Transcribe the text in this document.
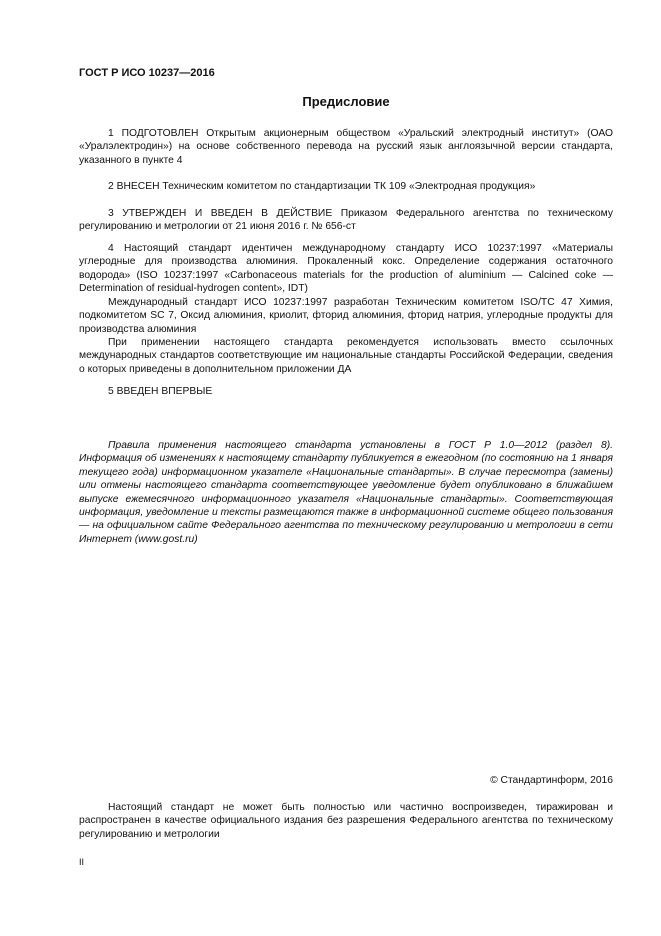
ГОСТ Р ИСО 10237—2016
Предисловие

1 ПОДГОТОВЛЕН Открытым акционерным обществом «Уральский электродный институт» (ОАО «Уралэлектродин») на основе собственного перевода на русский язык англоязычной версии стандарта, указанного в пункте 4

2 ВНЕСЕН Техническим комитетом по стандартизации ТК 109 «Электродная продукция»

3 УТВЕРЖДЕН И ВВЕДЕН В ДЕЙСТВИЕ Приказом Федерального агентства по техническому регулированию и метрологии от 21 июня 2016 г. № 656-ст

4 Настоящий стандарт идентичен международному стандарту ИСО 10237:1997 «Материалы углеродные для производства алюминия. Прокаленный кокс. Определение содержания остаточного водорода» (ISO 10237:1997 «Carbonaceous materials for the production of aluminium — Calcined coke — Determination of residual-hydrogen content», IDT)

Международный стандарт ИСО 10237:1997 разработан Техническим комитетом ISO/TC 47 Химия, подкомитетом SC 7, Оксид алюминия, криолит, фторид алюминия, фторид натрия, углеродные продукты для производства алюминия

При применении настоящего стандарта рекомендуется использовать вместо ссылочных международных стандартов соответствующие им национальные стандарты Российской Федерации, сведения о которых приведены в дополнительном приложении ДА

5 ВВЕДЕН ВПЕРВЫЕ

Правила применения настоящего стандарта установлены в ГОСТ Р 1.0—2012 (раздел 8). Информация об изменениях к настоящему стандарту публикуется в ежегодном (по состоянию на 1 января текущего года) информационном указателе «Национальные стандарты». В случае пересмотра (замены) или отмены настоящего стандарта соответствующее уведомление будет опубликовано в ближайшем выпуске ежемесячного информационного указателя «Национальные стандарты». Соответствующая информация, уведомление и тексты размещаются также в информационной системе общего пользования — на официальном сайте Федерального агентства по техническому регулированию и метрологии в сети Интернет (www.gost.ru)

© Стандартинформ, 2016

Настоящий стандарт не может быть полностью или частично воспроизведен, тиражирован и распространен в качестве официального издания без разрешения Федерального агентства по техническому регулированию и метрологии

II
